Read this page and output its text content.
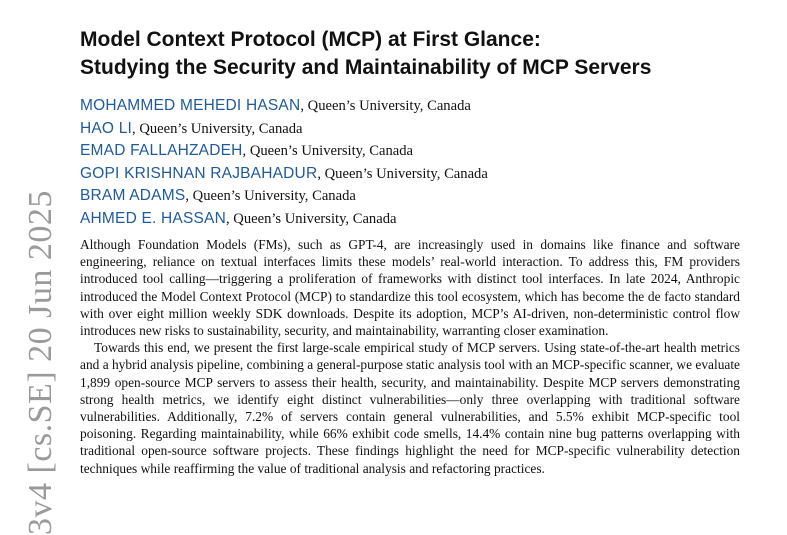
3v4 [cs.SE] 20 Jun 2025
Model Context Protocol (MCP) at First Glance:
Studying the Security and Maintainability of MCP Servers
MOHAMMED MEHEDI HASAN, Queen’s University, Canada
HAO LI, Queen’s University, Canada
EMAD FALLAHZADEH, Queen’s University, Canada
GOPI KRISHNAN RAJBAHADUR, Queen’s University, Canada
BRAM ADAMS, Queen’s University, Canada
AHMED E. HASSAN, Queen’s University, Canada

Although Foundation Models (FMs), such as GPT-4, are increasingly used in domains like finance and software engineering, reliance on textual interfaces limits these models’ real-world interaction. To address this, FM providers introduced tool calling—triggering a proliferation of frameworks with distinct tool interfaces. In late 2024, Anthropic introduced the Model Context Protocol (MCP) to standardize this tool ecosystem, which has become the de facto standard with over eight million weekly SDK downloads. Despite its adoption, MCP’s AI-driven, non-deterministic control flow introduces new risks to sustainability, security, and maintainability, warranting closer examination.

Towards this end, we present the first large-scale empirical study of MCP servers. Using state-of-the-art health metrics and a hybrid analysis pipeline, combining a general-purpose static analysis tool with an MCP-specific scanner, we evaluate 1,899 open-source MCP servers to assess their health, security, and maintainability. Despite MCP servers demonstrating strong health metrics, we identify eight distinct vulnerabilities—only three overlapping with traditional software vulnerabilities. Additionally, 7.2% of servers contain general vulnerabilities, and 5.5% exhibit MCP-specific tool poisoning. Regarding maintainability, while 66% exhibit code smells, 14.4% contain nine bug patterns overlapping with traditional open-source software projects. These findings highlight the need for MCP-specific vulnerability detection techniques while reaffirming the value of traditional analysis and refactoring practices.
